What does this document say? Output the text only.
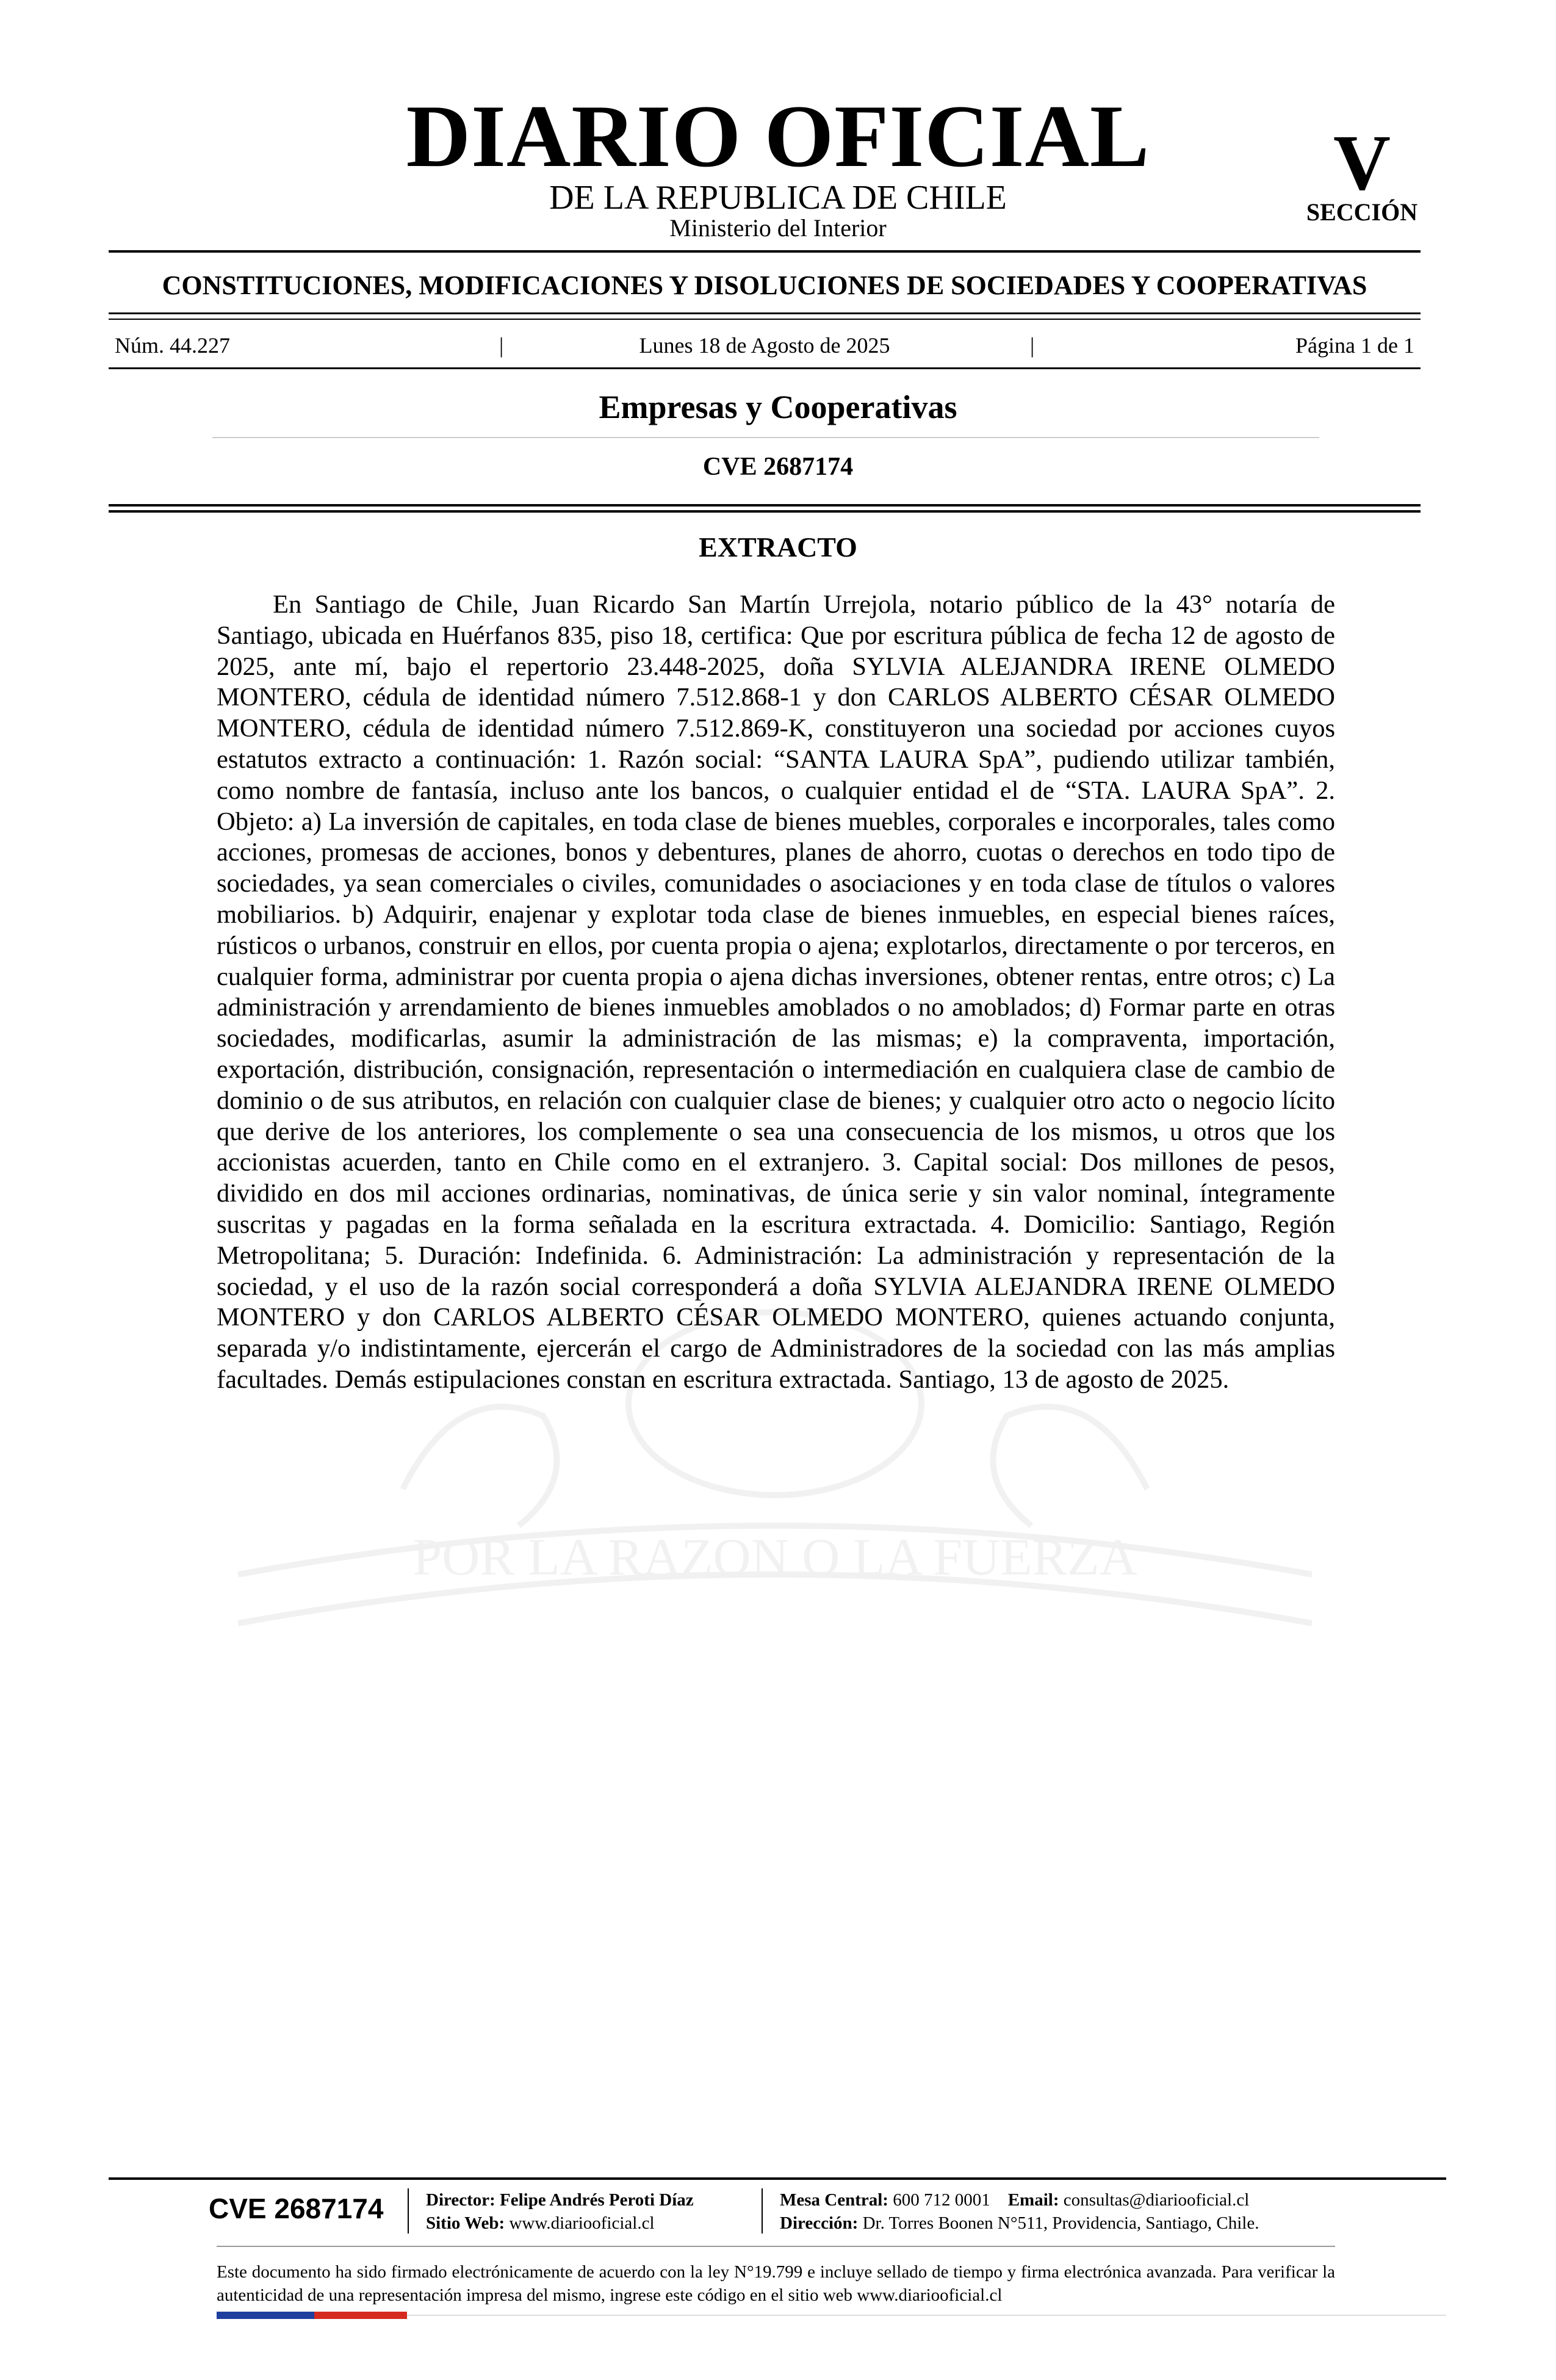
DIARIO OFICIAL
DE LA REPUBLICA DE CHILE
Ministerio del Interior
V
SECCIÓN
CONSTITUCIONES, MODIFICACIONES Y DISOLUCIONES DE SOCIEDADES Y COOPERATIVAS
Núm. 44.227	|	Lunes 18 de Agosto de 2025	|	Página 1 de 1
Empresas y Cooperativas
CVE 2687174
EXTRACTO
En Santiago de Chile, Juan Ricardo San Martín Urrejola, notario público de la 43° notaría de Santiago, ubicada en Huérfanos 835, piso 18, certifica: Que por escritura pública de fecha 12 de agosto de 2025, ante mí, bajo el repertorio 23.448-2025, doña SYLVIA ALEJANDRA IRENE OLMEDO MONTERO, cédula de identidad número 7.512.868-1 y don CARLOS ALBERTO CÉSAR OLMEDO MONTERO, cédula de identidad número 7.512.869-K, constituyeron una sociedad por acciones cuyos estatutos extracto a continuación: 1. Razón social: “SANTA LAURA SpA”, pudiendo utilizar también, como nombre de fantasía, incluso ante los bancos, o cualquier entidad el de “STA. LAURA SpA”. 2. Objeto: a) La inversión de capitales, en toda clase de bienes muebles, corporales e incorporales, tales como acciones, promesas de acciones, bonos y debentures, planes de ahorro, cuotas o derechos en todo tipo de sociedades, ya sean comerciales o civiles, comunidades o asociaciones y en toda clase de títulos o valores mobiliarios. b) Adquirir, enajenar y explotar toda clase de bienes inmuebles, en especial bienes raíces, rústicos o urbanos, construir en ellos, por cuenta propia o ajena; explotarlos, directamente o por terceros, en cualquier forma, administrar por cuenta propia o ajena dichas inversiones, obtener rentas, entre otros; c) La administración y arrendamiento de bienes inmuebles amoblados o no amoblados; d) Formar parte en otras sociedades, modificarlas, asumir la administración de las mismas; e) la compraventa, importación, exportación, distribución, consignación, representación o intermediación en cualquiera clase de cambio de dominio o de sus atributos, en relación con cualquier clase de bienes; y cualquier otro acto o negocio lícito que derive de los anteriores, los complemente o sea una consecuencia de los mismos, u otros que los accionistas acuerden, tanto en Chile como en el extranjero. 3. Capital social: Dos millones de pesos, dividido en dos mil acciones ordinarias, nominativas, de única serie y sin valor nominal, íntegramente suscritas y pagadas en la forma señalada en la escritura extractada. 4. Domicilio: Santiago, Región Metropolitana; 5. Duración: Indefinida. 6. Administración: La administración y representación de la sociedad, y el uso de la razón social corresponderá a doña SYLVIA ALEJANDRA IRENE OLMEDO MONTERO y don CARLOS ALBERTO CÉSAR OLMEDO MONTERO, quienes actuando conjunta, separada y/o indistintamente, ejercerán el cargo de Administradores de la sociedad con las más amplias facultades. Demás estipulaciones constan en escritura extractada. Santiago, 13 de agosto de 2025.
POR LA RAZON O LA FUERZA
CVE 2687174	Director: Felipe Andrés Peroti Díaz
Sitio Web: www.diariooficial.cl
Mesa Central: 600 712 0001 Email: consultas@diariooficial.cl
Dirección: Dr. Torres Boonen N°511, Providencia, Santiago, Chile.
Este documento ha sido firmado electrónicamente de acuerdo con la ley N°19.799 e incluye sellado de tiempo y firma electrónica avanzada. Para verificar la autenticidad de una representación impresa del mismo, ingrese este código en el sitio web www.diariooficial.cl
